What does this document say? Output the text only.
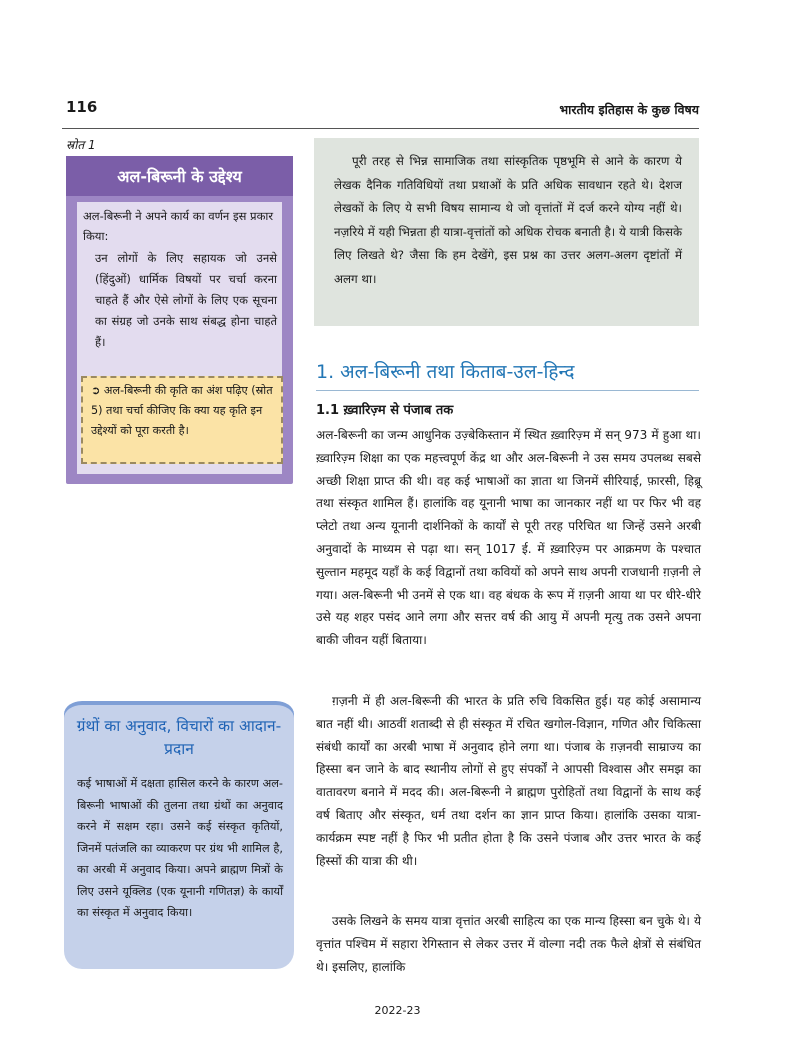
116	भारतीय इतिहास के कुछ विषय
स्रोत 1
अल-बिरूनी के उद्देश्य
अल-बिरूनी ने अपने कार्य का वर्णन इस प्रकार किया:
उन लोगों के लिए सहायक जो उनसे (हिंदुओं) धार्मिक विषयों पर चर्चा करना चाहते हैं और ऐसे लोगों के लिए एक सूचना का संग्रह जो उनके साथ संबद्ध होना चाहते हैं।
➲ अल-बिरूनी की कृति का अंश पढ़िए (स्रोत 5) तथा चर्चा कीजिए कि क्या यह कृति इन उद्देश्यों को पूरा करती है।
पूरी तरह से भिन्न सामाजिक तथा सांस्कृतिक पृष्ठभूमि से आने के कारण ये लेखक दैनिक गतिविधियों तथा प्रथाओं के प्रति अधिक सावधान रहते थे। देशज लेखकों के लिए ये सभी विषय सामान्य थे जो वृत्तांतों में दर्ज करने योग्य नहीं थे। नज़रिये में यही भिन्नता ही यात्रा-वृत्तांतों को अधिक रोचक बनाती है। ये यात्री किसके लिए लिखते थे? जैसा कि हम देखेंगे, इस प्रश्न का उत्तर अलग-अलग दृष्टांतों में अलग था।
1. अल-बिरूनी तथा किताब-उल-हिन्द
1.1 ख़्वारिज़्म से पंजाब तक
अल-बिरूनी का जन्म आधुनिक उज़्बेकिस्तान में स्थित ख़्वारिज़्म में सन् 973 में हुआ था। ख़्वारिज़्म शिक्षा का एक महत्त्वपूर्ण केंद्र था और अल-बिरूनी ने उस समय उपलब्ध सबसे अच्छी शिक्षा प्राप्त की थी। वह कई भाषाओं का ज्ञाता था जिनमें सीरियाई, फ़ारसी, हिब्रू तथा संस्कृत शामिल हैं। हालांकि वह यूनानी भाषा का जानकार नहीं था पर फिर भी वह प्लेटो तथा अन्य यूनानी दार्शनिकों के कार्यों से पूरी तरह परिचित था जिन्हें उसने अरबी अनुवादों के माध्यम से पढ़ा था। सन् 1017 ई. में ख़्वारिज़्म पर आक्रमण के पश्चात सुल्तान महमूद यहाँ के कई विद्वानों तथा कवियों को अपने साथ अपनी राजधानी ग़ज़नी ले गया। अल-बिरूनी भी उनमें से एक था। वह बंधक के रूप में ग़ज़नी आया था पर धीरे-धीरे उसे यह शहर पसंद आने लगा और सत्तर वर्ष की आयु में अपनी मृत्यु तक उसने अपना बाकी जीवन यहीं बिताया।
ग़ज़नी में ही अल-बिरूनी की भारत के प्रति रुचि विकसित हुई। यह कोई असामान्य बात नहीं थी। आठवीं शताब्दी से ही संस्कृत में रचित खगोल-विज्ञान, गणित और चिकित्सा संबंधी कार्यों का अरबी भाषा में अनुवाद होने लगा था। पंजाब के ग़ज़नवी साम्राज्य का हिस्सा बन जाने के बाद स्थानीय लोगों से हुए संपर्कों ने आपसी विश्वास और समझ का वातावरण बनाने में मदद की। अल-बिरूनी ने ब्राह्मण पुरोहितों तथा विद्वानों के साथ कई वर्ष बिताए और संस्कृत, धर्म तथा दर्शन का ज्ञान प्राप्त किया। हालांकि उसका यात्रा-कार्यक्रम स्पष्ट नहीं है फिर भी प्रतीत होता है कि उसने पंजाब और उत्तर भारत के कई हिस्सों की यात्रा की थी।
उसके लिखने के समय यात्रा वृत्तांत अरबी साहित्य का एक मान्य हिस्सा बन चुके थे। ये वृत्तांत पश्चिम में सहारा रेगिस्तान से लेकर उत्तर में वोल्गा नदी तक फैले क्षेत्रों से संबंधित थे। इसलिए, हालांकि
ग्रंथों का अनुवाद, विचारों का आदान-प्रदान
कई भाषाओं में दक्षता हासिल करने के कारण अल-बिरूनी भाषाओं की तुलना तथा ग्रंथों का अनुवाद करने में सक्षम रहा। उसने कई संस्कृत कृतियों, जिनमें पतंजलि का व्याकरण पर ग्रंथ भी शामिल है, का अरबी में अनुवाद किया। अपने ब्राह्मण मित्रों के लिए उसने यूक्लिड (एक यूनानी गणितज्ञ) के कार्यों का संस्कृत में अनुवाद किया।
2022-23
